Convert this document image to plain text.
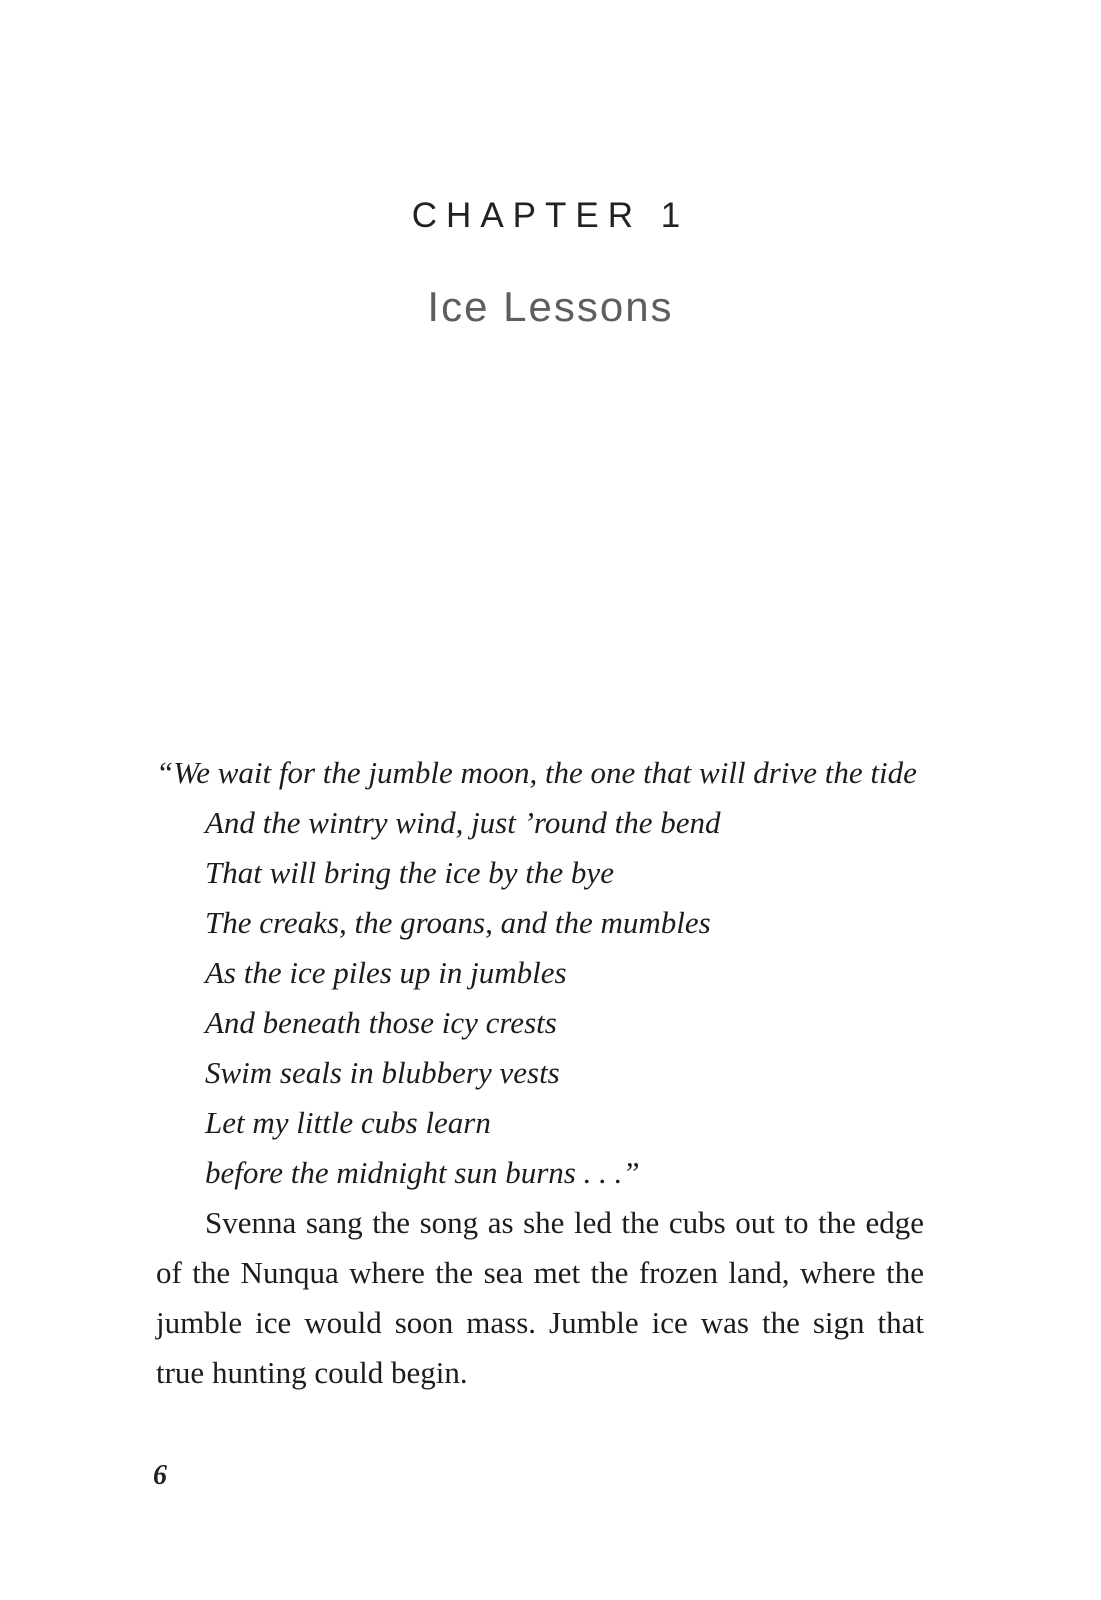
CHAPTER 1
Ice Lessons
“We wait for the jumble moon, the one that will drive the tide
And the wintry wind, just ’round the bend
That will bring the ice by the bye
The creaks, the groans, and the mumbles
As the ice piles up in jumbles
And beneath those icy crests
Swim seals in blubbery vests
Let my little cubs learn
before the midnight sun burns . . .”

Svenna sang the song as she led the cubs out to the edge of the Nunqua where the sea met the frozen land, where the jumble ice would soon mass. Jumble ice was the sign that true hunting could begin.

6
